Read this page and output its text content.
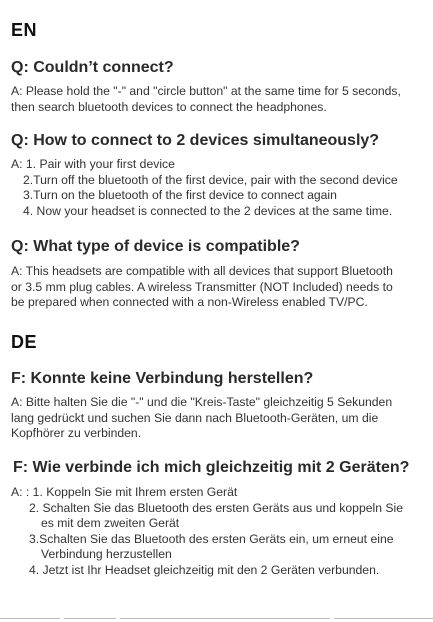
EN
Q: Couldn’t connect?
A: Please hold the "-" and "circle button" at the same time for 5 seconds,
then search bluetooth devices to connect the headphones.
Q: How to connect to 2 devices simultaneously?
A: 1. Pair with your first device
2.Turn off the bluetooth of the first device, pair with the second device
3.Turn on the bluetooth of the first device to connect again
4. Now your headset is connected to the 2 devices at the same time.
Q: What type of device is compatible?
A: This headsets are compatible with all devices that support Bluetooth
or 3.5 mm plug cables. A wireless Transmitter (NOT Included) needs to
be prepared when connected with a non-Wireless enabled TV/PC.
DE
F: Konnte keine Verbindung herstellen?
A: Bitte halten Sie die "-" und die "Kreis-Taste" gleichzeitig 5 Sekunden
lang gedrückt und suchen Sie dann nach Bluetooth-Geräten, um die
Kopfhörer zu verbinden.
F: Wie verbinde ich mich gleichzeitig mit 2 Geräten?
A: : 1. Koppeln Sie mit Ihrem ersten Gerät
2. Schalten Sie das Bluetooth des ersten Geräts aus und koppeln Sie
es mit dem zweiten Gerät
3.Schalten Sie das Bluetooth des ersten Geräts ein, um erneut eine
Verbindung herzustellen
4. Jetzt ist Ihr Headset gleichzeitig mit den 2 Geräten verbunden.
